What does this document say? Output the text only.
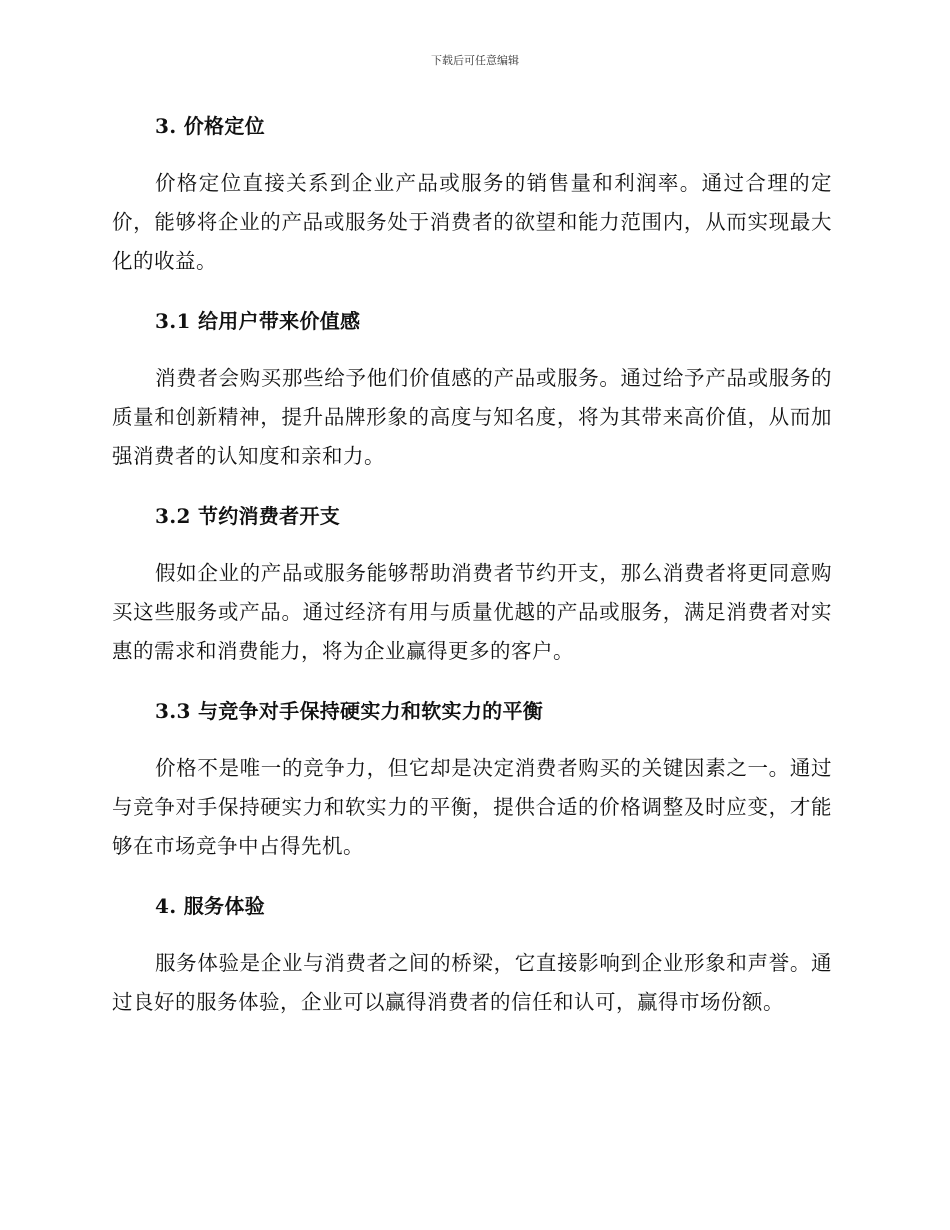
下载后可任意编辑
3. 价格定位

价格定位直接关系到企业产品或服务的销售量和利润率。通过合理的定价，能够将企业的产品或服务处于消费者的欲望和能力范围内，从而实现最大化的收益。

3.1 给用户带来价值感

消费者会购买那些给予他们价值感的产品或服务。通过给予产品或服务的质量和创新精神，提升品牌形象的高度与知名度，将为其带来高价值，从而加强消费者的认知度和亲和力。

3.2 节约消费者开支

假如企业的产品或服务能够帮助消费者节约开支，那么消费者将更同意购买这些服务或产品。通过经济有用与质量优越的产品或服务，满足消费者对实惠的需求和消费能力，将为企业赢得更多的客户。

3.3 与竞争对手保持硬实力和软实力的平衡

价格不是唯一的竞争力，但它却是决定消费者购买的关键因素之一。通过与竞争对手保持硬实力和软实力的平衡，提供合适的价格调整及时应变，才能够在市场竞争中占得先机。

4. 服务体验

服务体验是企业与消费者之间的桥梁，它直接影响到企业形象和声誉。通过良好的服务体验，企业可以赢得消费者的信任和认可，赢得市场份额。
